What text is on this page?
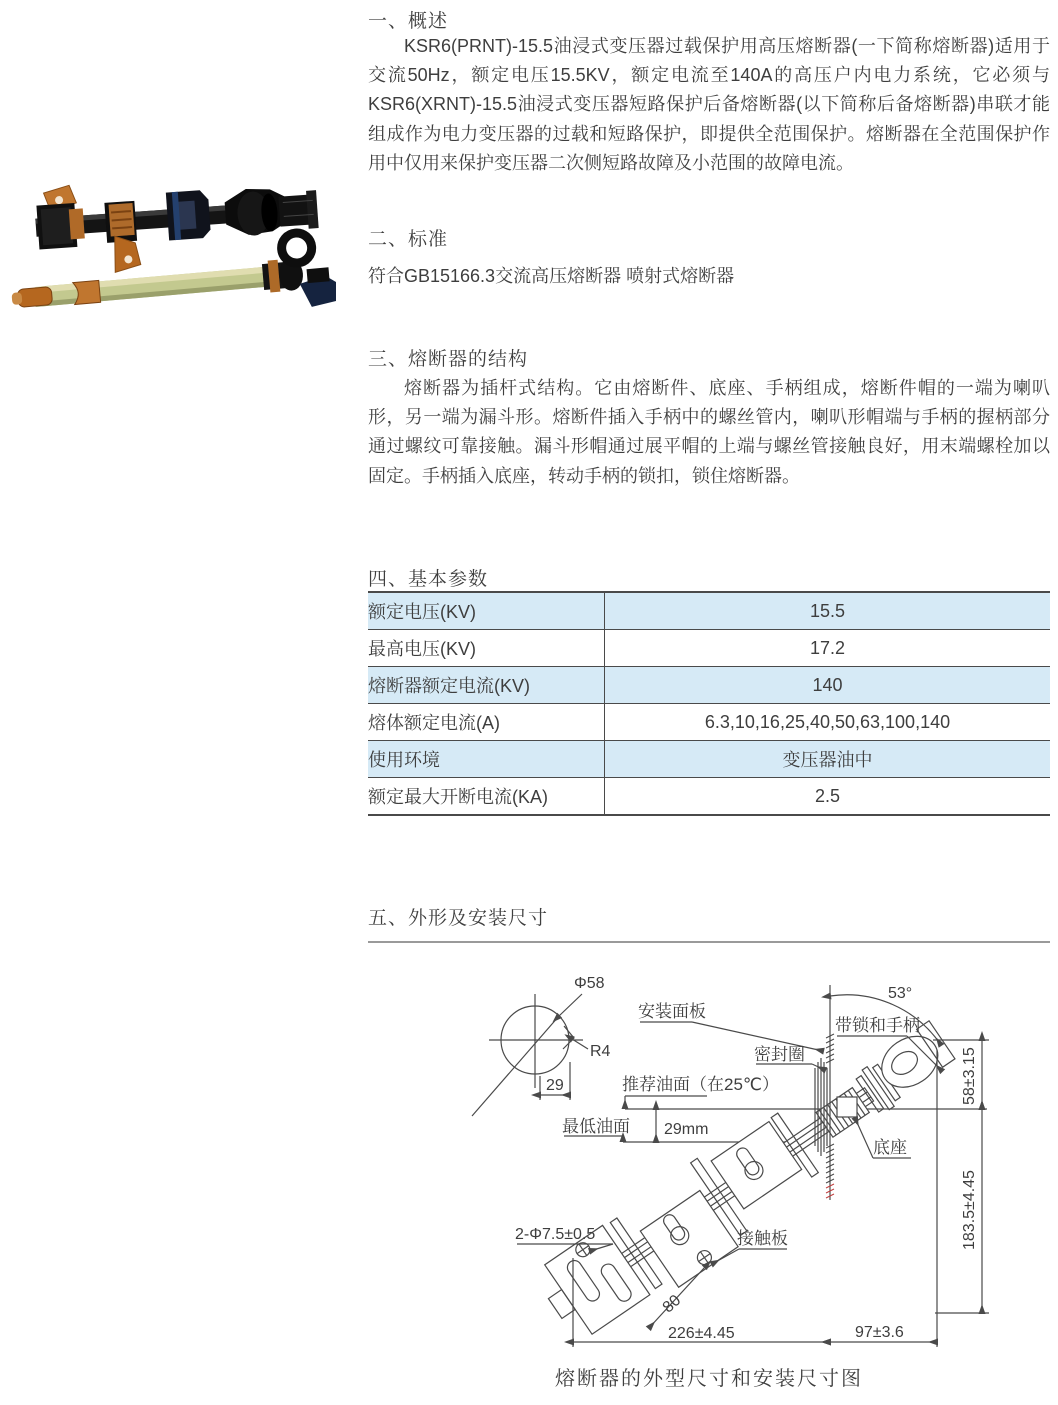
一、概述

KSR6(PRNT)-15.5油浸式变压器过载保护用高压熔断器(一下简称熔断器)适用于交流50Hz，额定电压15.5KV，额定电流至140A的高压户内电力系统，它必须与KSR6(XRNT)-15.5油浸式变压器短路保护后备熔断器(以下简称后备熔断器)串联才能组成作为电力变压器的过载和短路保护，即提供全范围保护。熔断器在全范围保护作用中仅用来保护变压器二次侧短路故障及小范围的故障电流。

二、标准

符合GB15166.3交流高压熔断器 喷射式熔断器

三、熔断器的结构

熔断器为插杆式结构。它由熔断件、底座、手柄组成，熔断件帽的一端为喇叭形，另一端为漏斗形。熔断件插入手柄中的螺丝管内，喇叭形帽端与手柄的握柄部分通过螺纹可靠接触。漏斗形帽通过展平帽的上端与螺丝管接触良好，用末端螺栓加以固定。手柄插入底座，转动手柄的锁扣，锁住熔断器。

四、基本参数
额定电压(KV)	15.5
最高电压(KV)	17.2
熔断器额定电流(KV)	140
熔体额定电流(A)	6.3,10,16,25,40,50,63,100,140
使用环境	变压器油中
额定最大开断电流(KA)	2.5
五、外形及安装尺寸
Φ58
R4
29	推荐油面（在25℃）
最低油面 29mm
安装面板
密封圈
带锁和手柄
53°
底座
接触板
2-Φ7.5±0.5
80
226±4.45	97±3.6
58±3.15
183.5±4.45
熔断器的外型尺寸和安装尺寸图
